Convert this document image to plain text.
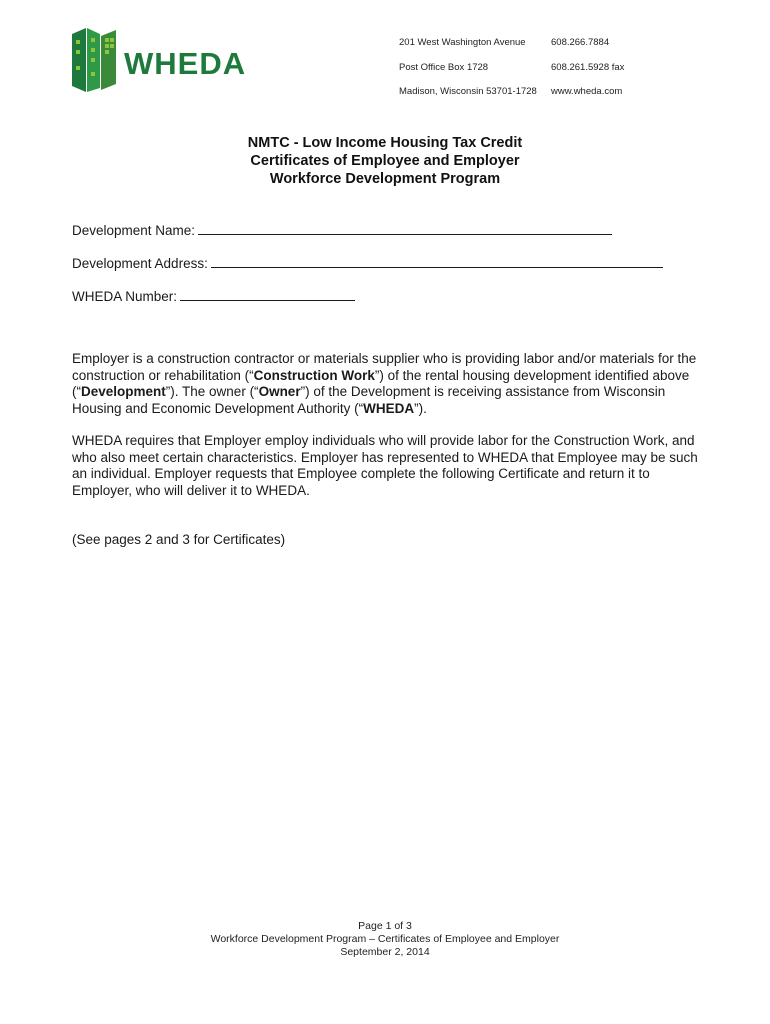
WHEDA
201 West Washington Avenue
Post Office Box 1728
Madison, Wisconsin 53701-1728
608.266.7884
608.261.5928 fax
www.wheda.com
NMTC - Low Income Housing Tax Credit
Certificates of Employee and Employer
Workforce Development Program
Development Name:
Development Address:
WHEDA Number:
Employer is a construction contractor or materials supplier who is providing labor and/or materials for the construction or rehabilitation (“Construction Work”) of the rental housing development identified above (“Development”). The owner (“Owner”) of the Development is receiving assistance from Wisconsin Housing and Economic Development Authority (“WHEDA”).
WHEDA requires that Employer employ individuals who will provide labor for the Construction Work, and who also meet certain characteristics. Employer has represented to WHEDA that Employee may be such an individual. Employer requests that Employee complete the following Certificate and return it to Employer, who will deliver it to WHEDA.
(See pages 2 and 3 for Certificates)
Page 1 of 3
Workforce Development Program – Certificates of Employee and Employer
September 2, 2014
